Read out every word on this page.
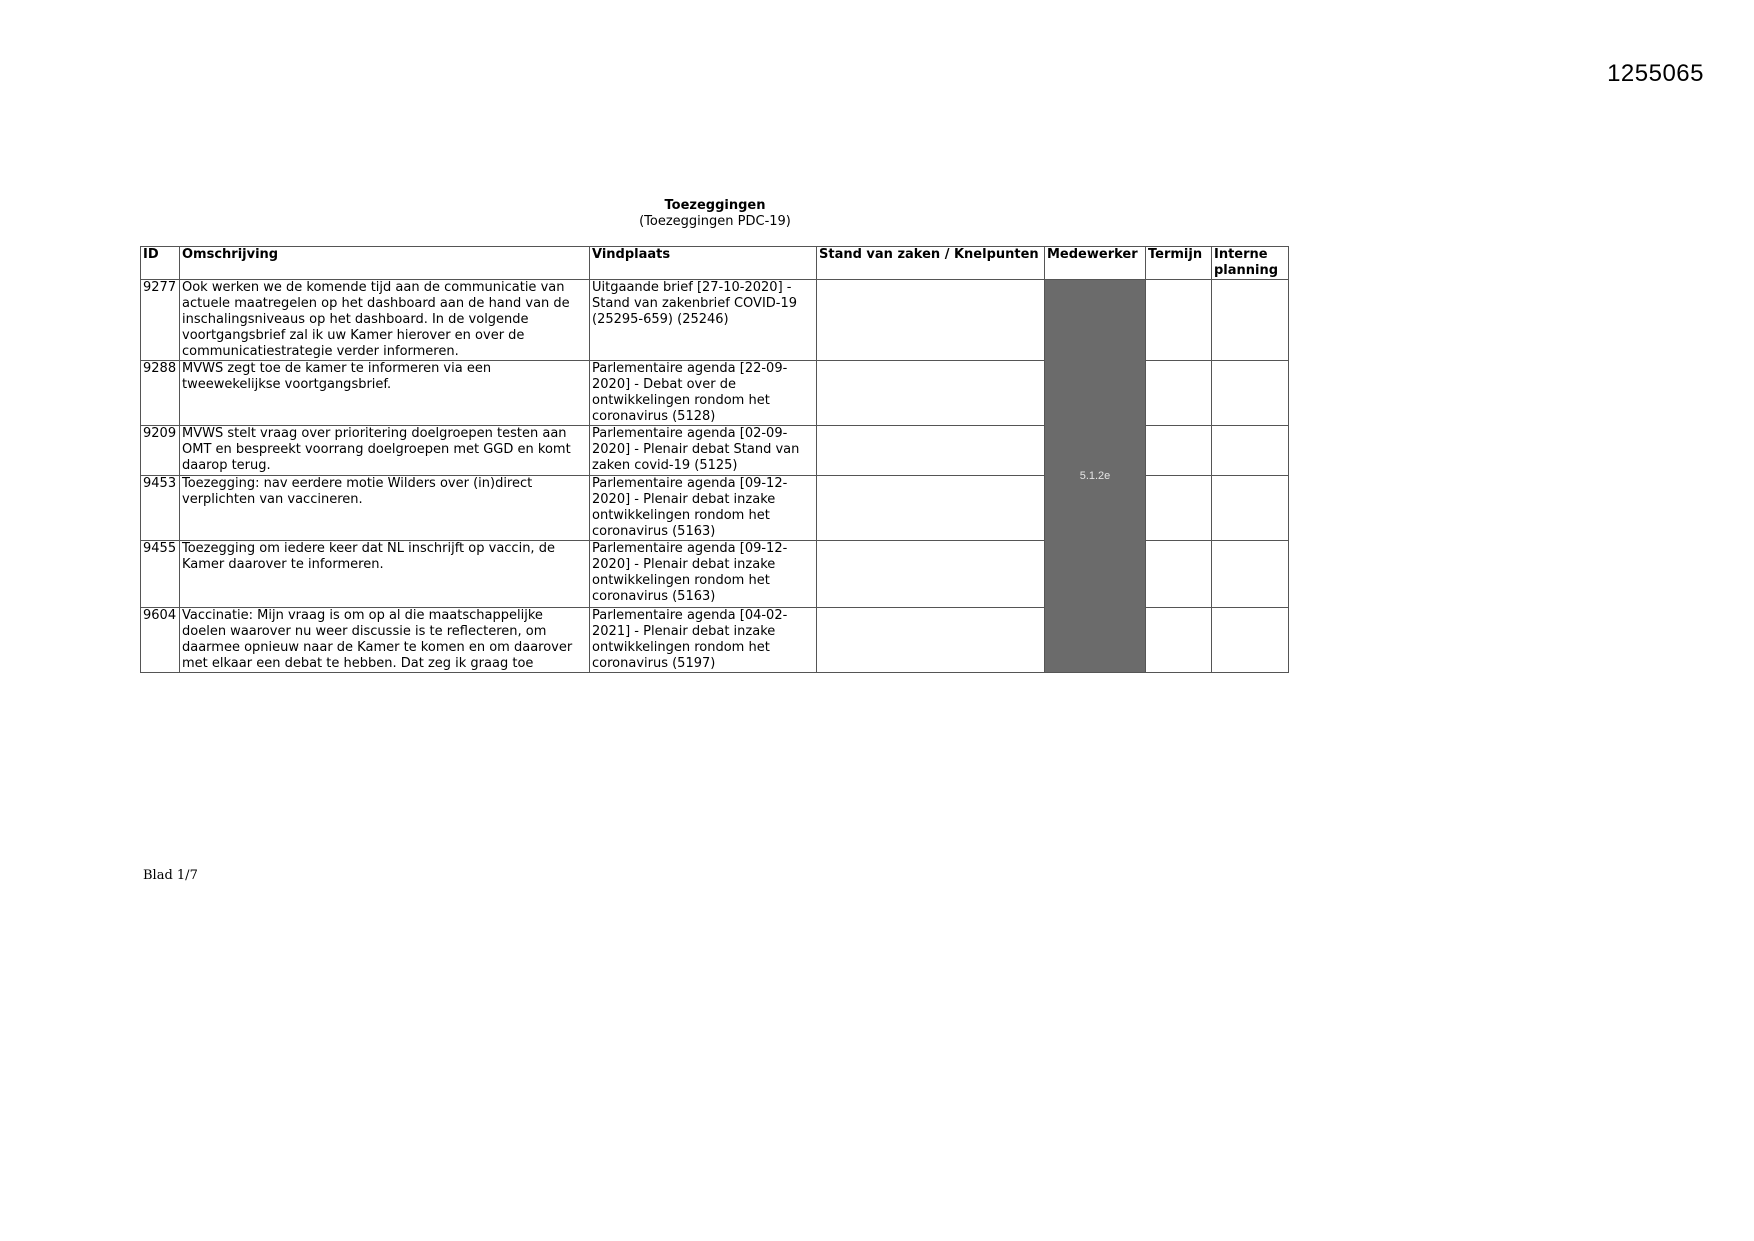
1255065
Toezeggingen
(Toezeggingen PDC-19)
ID	Omschrijving	Vindplaats	Stand van zaken / Knelpunten	Medewerker	Termijn	Interne planning
9277	Ook werken we de komende tijd aan de communicatie van actuele maatregelen op het dashboard aan de hand van de inschalingsniveaus op het dashboard. In de volgende voortgangsbrief zal ik uw Kamer hierover en over de communicatiestrategie verder informeren.	Uitgaande brief [27-10-2020] - Stand van zakenbrief COVID-19 (25295-659) (25246)		5.1.2e		
9288	MVWS zegt toe de kamer te informeren via een tweewekelijkse voortgangsbrief.	Parlementaire agenda [22-09-2020] - Debat over de ontwikkelingen rondom het coronavirus (5128)				
9209	MVWS stelt vraag over prioritering doelgroepen testen aan OMT en bespreekt voorrang doelgroepen met GGD en komt daarop terug.	Parlementaire agenda [02-09-2020] - Plenair debat Stand van zaken covid-19 (5125)				
9453	Toezegging: nav eerdere motie Wilders over (in)direct verplichten van vaccineren.	Parlementaire agenda [09-12-2020] - Plenair debat inzake ontwikkelingen rondom het coronavirus (5163)				
9455	Toezegging om iedere keer dat NL inschrijft op vaccin, de Kamer daarover te informeren.	Parlementaire agenda [09-12-2020] - Plenair debat inzake ontwikkelingen rondom het coronavirus (5163)				
9604	Vaccinatie: Mijn vraag is om op al die maatschappelijke doelen waarover nu weer discussie is te reflecteren, om daarmee opnieuw naar de Kamer te komen en om daarover met elkaar een debat te hebben. Dat zeg ik graag toe	Parlementaire agenda [04-02-2021] - Plenair debat inzake ontwikkelingen rondom het coronavirus (5197)				
Blad 1/7
